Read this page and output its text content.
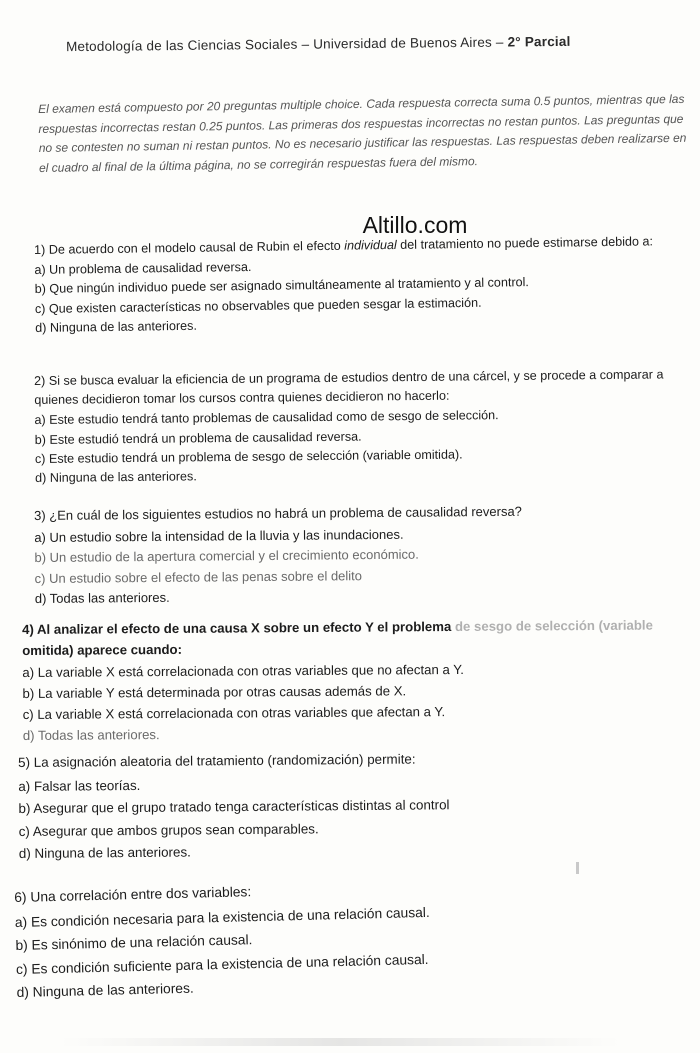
Metodología de las Ciencias Sociales – Universidad de Buenos Aires – 2° Parcial
El examen está compuesto por 20 preguntas multiple choice. Cada respuesta correcta suma 0.5 puntos, mientras que las respuestas incorrectas restan 0.25 puntos. Las primeras dos respuestas incorrectas no restan puntos. Las preguntas que no se contesten no suman ni restan puntos. No es necesario justificar las respuestas. Las respuestas deben realizarse en el cuadro al final de la última página, no se corregirán respuestas fuera del mismo.
Altillo.com

1) De acuerdo con el modelo causal de Rubin el efecto individual del tratamiento no puede estimarse debido a:

a) Un problema de causalidad reversa.

b) Que ningún individuo puede ser asignado simultáneamente al tratamiento y al control.

c) Que existen características no observables que pueden sesgar la estimación.

d) Ninguna de las anteriores.

2) Si se busca evaluar la eficiencia de un programa de estudios dentro de una cárcel, y se procede a comparar a quienes decidieron tomar los cursos contra quienes decidieron no hacerlo:

a) Este estudio tendrá tanto problemas de causalidad como de sesgo de selección.

b) Este estudió tendrá un problema de causalidad reversa.

c) Este estudio tendrá un problema de sesgo de selección (variable omitida).

d) Ninguna de las anteriores.

3) ¿En cuál de los siguientes estudios no habrá un problema de causalidad reversa?

a) Un estudio sobre la intensidad de la lluvia y las inundaciones.

b) Un estudio de la apertura comercial y el crecimiento económico.

c) Un estudio sobre el efecto de las penas sobre el delito

d) Todas las anteriores.

4) Al analizar el efecto de una causa X sobre un efecto Y el problema de sesgo de selección (variable
omitida) aparece cuando:

a) La variable X está correlacionada con otras variables que no afectan a Y.

b) La variable Y está determinada por otras causas además de X.

c) La variable X está correlacionada con otras variables que afectan a Y.

d) Todas las anteriores.

5) La asignación aleatoria del tratamiento (randomización) permite:

a) Falsar las teorías.

b) Asegurar que el grupo tratado tenga características distintas al control

c) Asegurar que ambos grupos sean comparables.

d) Ninguna de las anteriores.

6) Una correlación entre dos variables:

a) Es condición necesaria para la existencia de una relación causal.

b) Es sinónimo de una relación causal.

c) Es condición suficiente para la existencia de una relación causal.

d) Ninguna de las anteriores.
